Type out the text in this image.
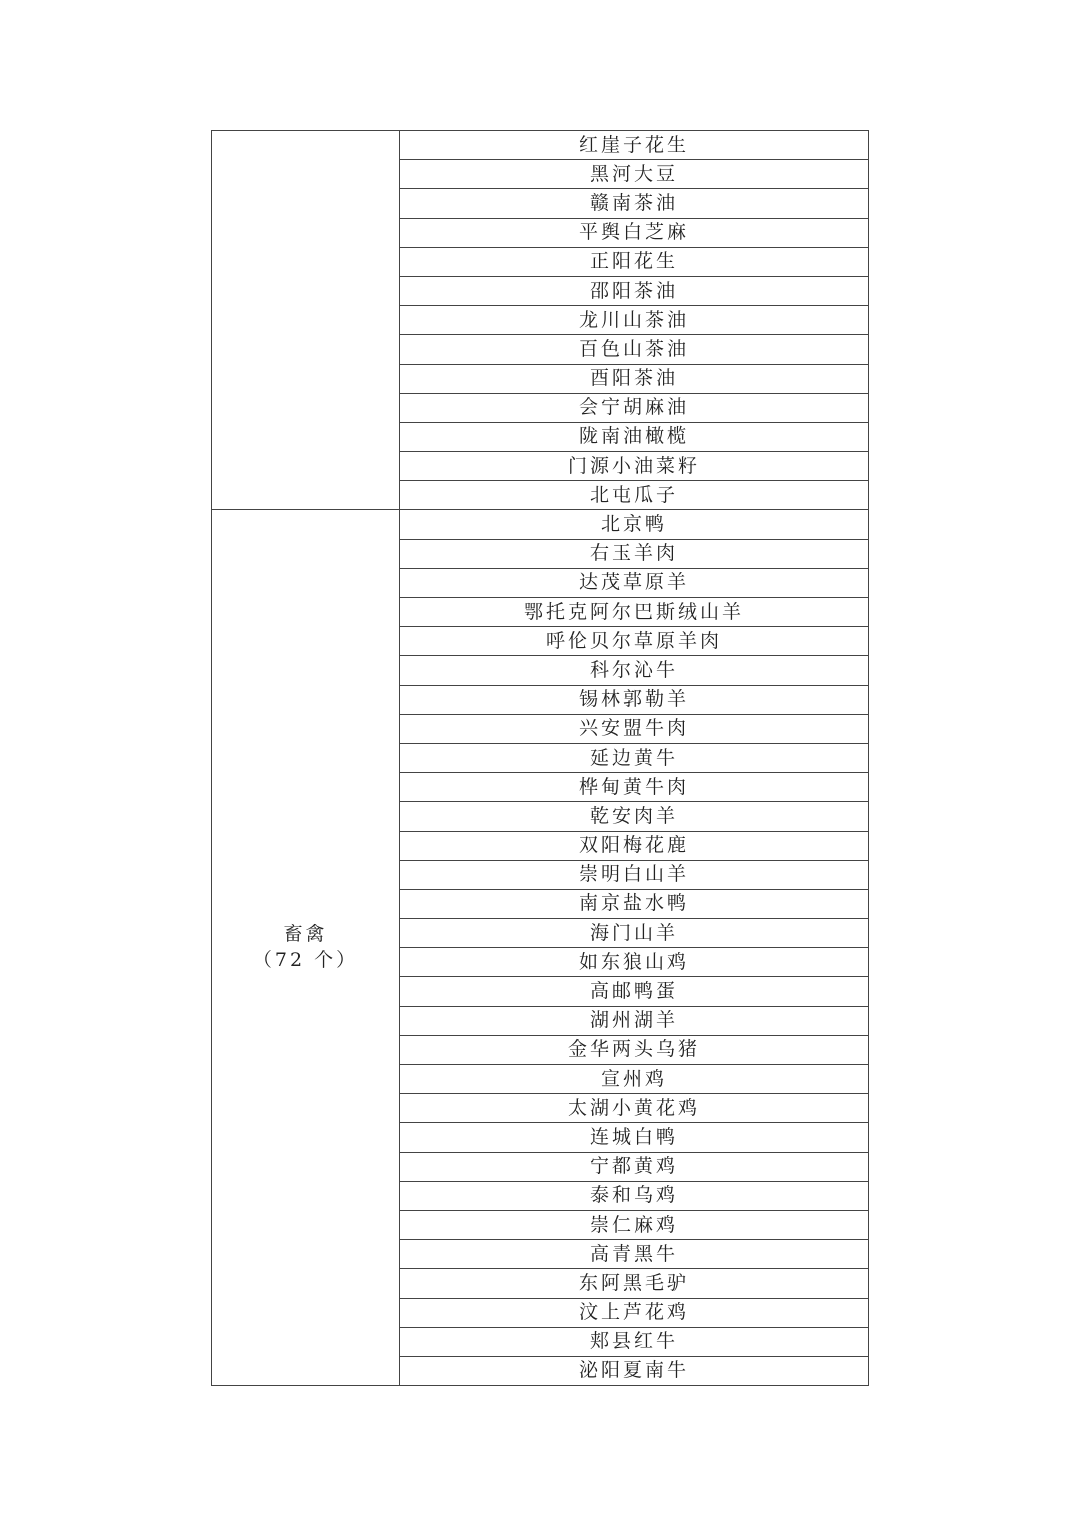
	红崖子花生
	黑河大豆
	赣南茶油
	平舆白芝麻
	正阳花生
	邵阳茶油
	龙川山茶油
	百色山茶油
	酉阳茶油
	会宁胡麻油
	陇南油橄榄
	门源小油菜籽
	北屯瓜子

畜禽
（72 个）	北京鸭
	右玉羊肉
	达茂草原羊
	鄂托克阿尔巴斯绒山羊
	呼伦贝尔草原羊肉
	科尔沁牛
	锡林郭勒羊
	兴安盟牛肉
	延边黄牛
	桦甸黄牛肉
	乾安肉羊
	双阳梅花鹿
	崇明白山羊
	南京盐水鸭
	海门山羊
	如东狼山鸡
	高邮鸭蛋
	湖州湖羊
	金华两头乌猪
	宣州鸡
	太湖小黄花鸡
	连城白鸭
	宁都黄鸡
	泰和乌鸡
	崇仁麻鸡
	高青黑牛
	东阿黑毛驴
	汶上芦花鸡
	郏县红牛
	泌阳夏南牛
